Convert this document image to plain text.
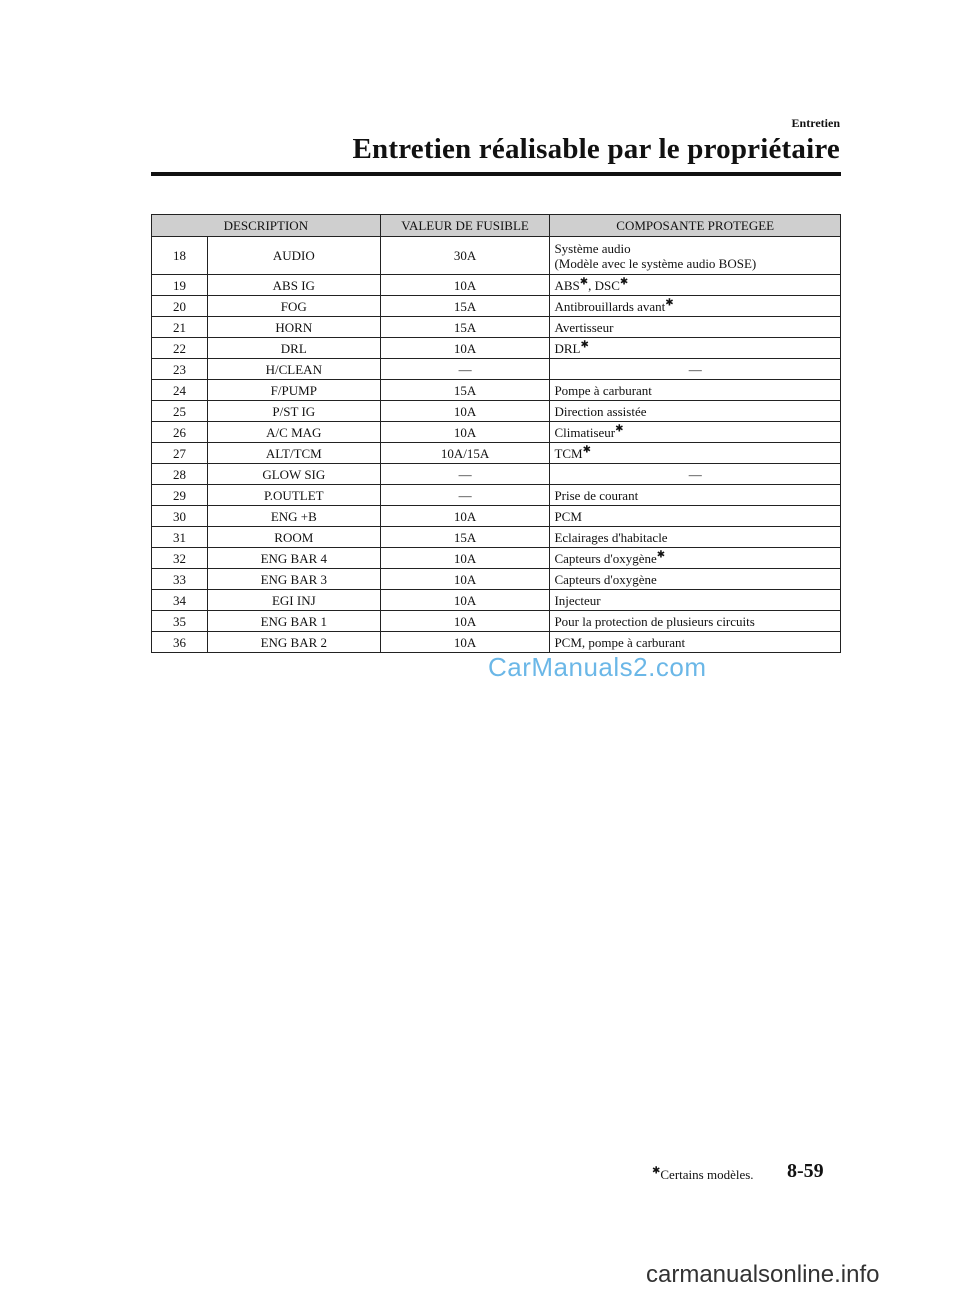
Entretien
Entretien réalisable par le propriétaire
DESCRIPTION		VALEUR DE FUSIBLE	COMPOSANTE PROTEGEE
18	AUDIO	30A	Système audio
(Modèle avec le système audio BOSE)
19	ABS IG	10A	ABS✱, DSC✱
20	FOG	15A	Antibrouillards avant✱
21	HORN	15A	Avertisseur
22	DRL	10A	DRL✱
23	H/CLEAN	—	—
24	F/PUMP	15A	Pompe à carburant
25	P/ST IG	10A	Direction assistée
26	A/C MAG	10A	Climatiseur✱
27	ALT/TCM	10A/15A	TCM✱
28	GLOW SIG	—	—
29	P.OUTLET	—	Prise de courant
30	ENG +B	10A	PCM
31	ROOM	15A	Eclairages d'habitacle
32	ENG BAR 4	10A	Capteurs d'oxygène✱
33	ENG BAR 3	10A	Capteurs d'oxygène
34	EGI INJ	10A	Injecteur
35	ENG BAR 1	10A	Pour la protection de plusieurs circuits
36	ENG BAR 2	10A	PCM, pompe à carburant
CarManuals2.com
✱Certains modèles. 8-59
carmanualsonline.info
